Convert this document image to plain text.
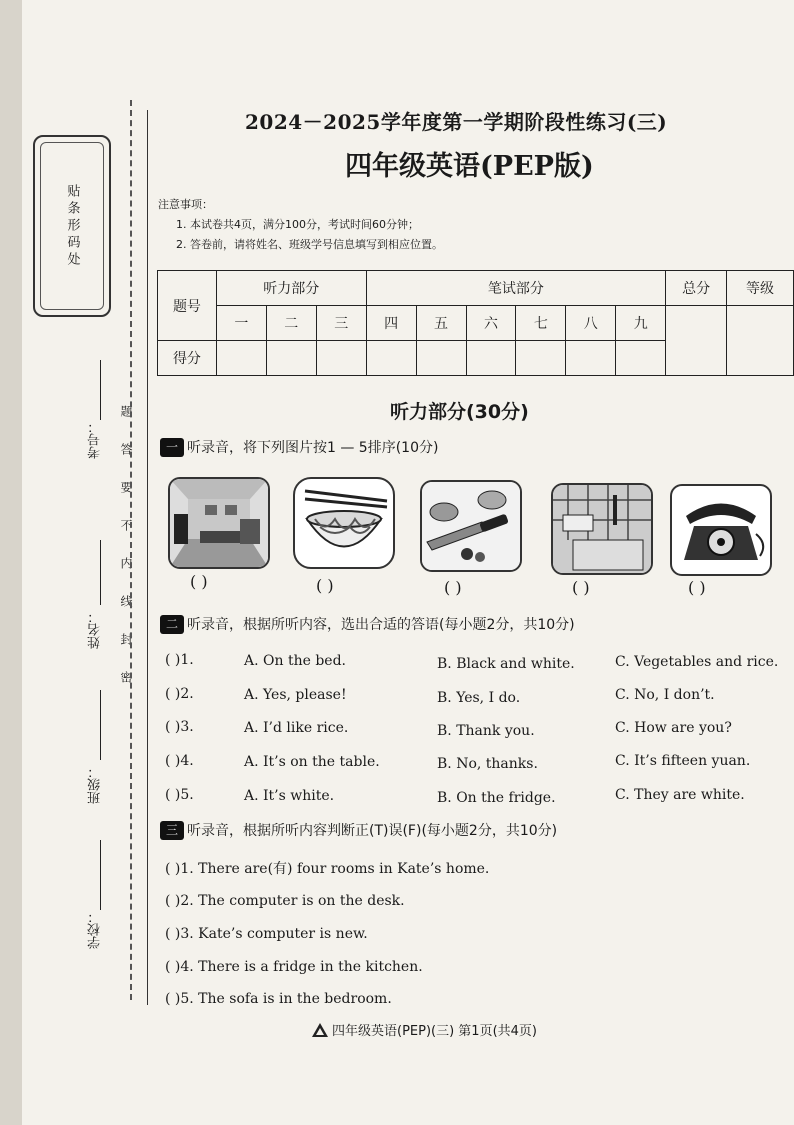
贴条形码处
题答要不内线封密
考号：
姓名：
班级：
学校：
2024－2025学年度第一学期阶段性练习(三)
四年级英语(PEP版)
注意事项：
1. 本试卷共4页，满分100分，考试时间60分钟；
2. 答卷前，请将姓名、班级学号信息填写到相应位置。
题号	听力部分			笔试部分						总分	等级
	一	二	三	四	五	六	七	八	九		
得分											
听力部分(30分)
一 听录音，将下列图片按1 — 5排序(10分)
( )	( )	( )	( )	( )
二 听录音，根据所听内容，选出合适的答语(每小题2分，共10分)
( )1.	A. On the bed.	B. Black and white.	C. Vegetables and rice.
( )2.	A. Yes, please!	B. Yes, I do.	C. No, I don’t.
( )3.	A. I’d like rice.	B. Thank you.	C. How are you?
( )4.	A. It’s on the table.	B. No, thanks.	C. It’s fifteen yuan.
( )5.	A. It’s white.	B. On the fridge.	C. They are white.
三 听录音，根据所听内容判断正(T)误(F)(每小题2分，共10分)
( )1. There are(有) four rooms in Kate’s home.
( )2. The computer is on the desk.
( )3. Kate’s computer is new.
( )4. There is a fridge in the kitchen.
( )5. The sofa is in the bedroom.
四年级英语(PEP)(三) 第1页(共4页)
